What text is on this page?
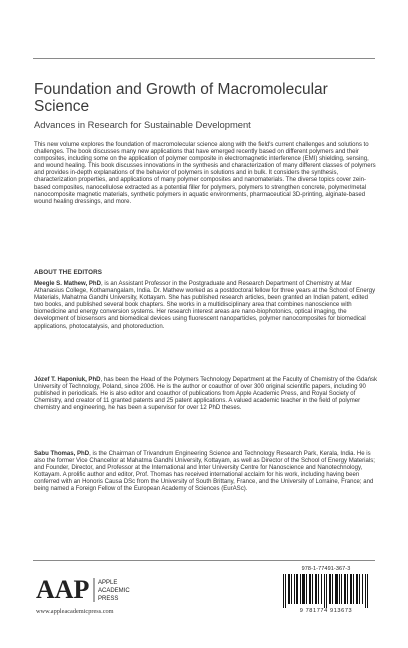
Foundation and Growth of Macromolecular Science
Advances in Research for Sustainable Development

This new volume explores the foundation of macromolecular science along with the field's current challenges and solutions to challenges. The book discusses many new applications that have emerged recently based on different polymers and their composites, including some on the application of polymer composite in electromagnetic interference (EMI) shielding, sensing, and wound healing. This book discusses innovations in the synthesis and characterization of many different classes of polymers and provides in-depth explanations of the behavior of polymers in solutions and in bulk. It considers the synthesis, characterization properties, and applications of many polymer composites and nanomaterials. The diverse topics cover zein-based composites, nanocellulose extracted as a potential filler for polymers, polymers to strengthen concrete, polymer/metal nanocomposite magnetic materials, synthetic polymers in aquatic environments, pharmaceutical 3D-printing, alginate-based wound healing dressings, and more.

ABOUT THE EDITORS

Meegle S. Mathew, PhD, is an Assistant Professor in the Postgraduate and Research Department of Chemistry at Mar Athanasius College, Kothamangalam, India. Dr. Mathew worked as a postdoctoral fellow for three years at the School of Energy Materials, Mahatma Gandhi University, Kottayam. She has published research articles, been granted an Indian patent, edited two books, and published several book chapters. She works in a multidisciplinary area that combines nanoscience with biomedicine and energy conversion systems. Her research interest areas are nano-biophotonics, optical imaging, the development of biosensors and biomedical devices using fluorescent nanoparticles, polymer nanocomposites for biomedical applications, photocatalysis, and photoreduction.

Józef T. Haponiuk, PhD, has been the Head of the Polymers Technology Department at the Faculty of Chemistry of the Gdańsk University of Technology, Poland, since 2006. He is the author or coauthor of over 300 original scientific papers, including 90 published in periodicals. He is also editor and coauthor of publications from Apple Academic Press, and Royal Society of Chemistry, and creator of 11 granted patents and 25 patent applications. A valued academic teacher in the field of polymer chemistry and engineering, he has been a supervisor for over 12 PhD theses.

Sabu Thomas, PhD, is the Chairman of Trivandrum Engineering Science and Technology Research Park, Kerala, India. He is also the former Vice Chancellor at Mahatma Gandhi University, Kottayam, as well as Director of the School of Energy Materials; and Founder, Director, and Professor at the International and Inter University Centre for Nanoscience and Nanotechnology, Kottayam. A prolific author and editor, Prof. Thomas has received international acclaim for his work, including having been conferred with an Honoris Causa DSc from the University of South Brittany, France, and the University of Lorraine, France; and being named a Foreign Fellow of the European Academy of Sciences (EurASc).

AAP APPLE
ACADEMIC
PRESS
www.appleacademicpress.com
978-1-77491-367-3
9 781774 913673
